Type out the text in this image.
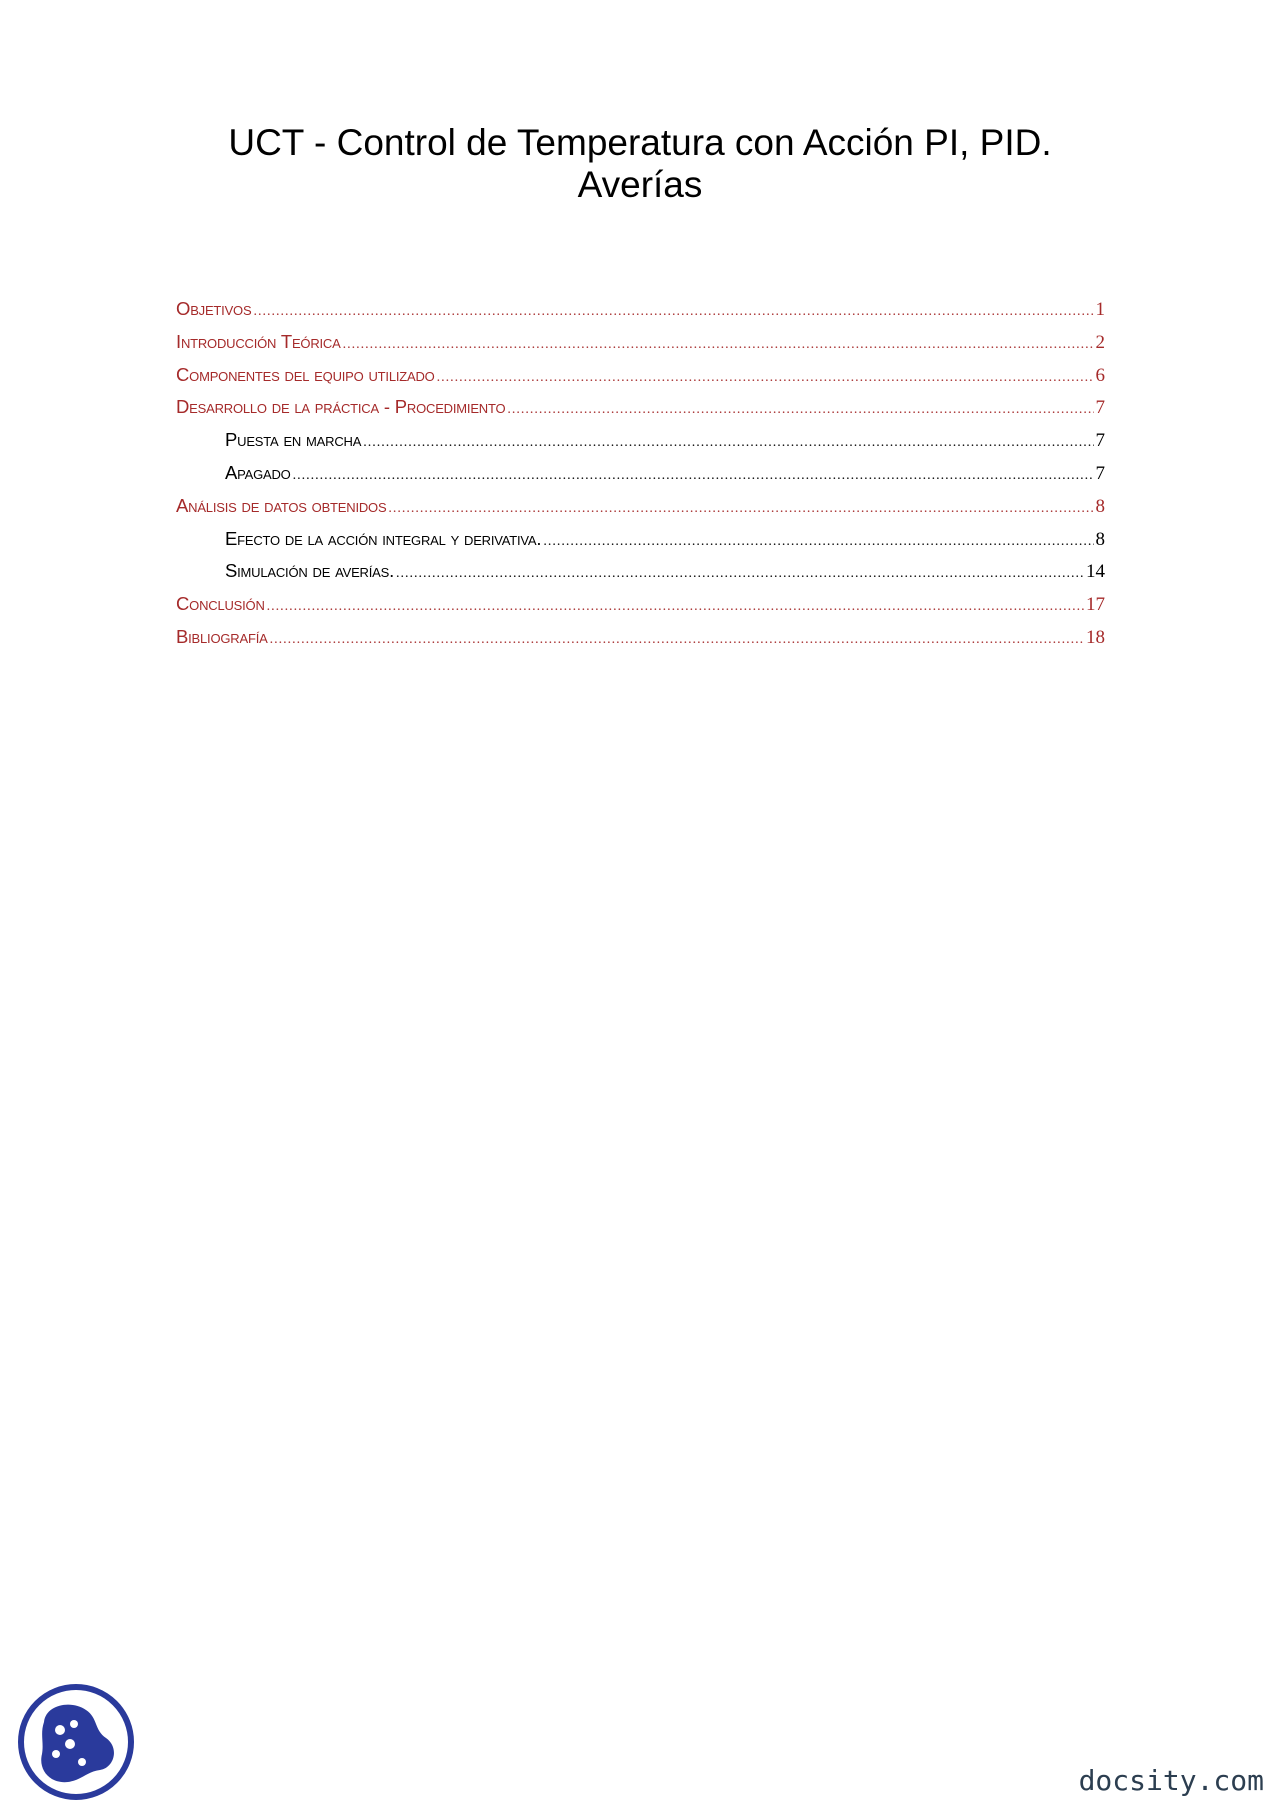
UCT - Control de Temperatura con Acción PI, PID.
Averías
Objetivos .....	1
Introducción Teórica .....	2
Componentes del equipo utilizado .....	6
Desarrollo de la práctica - Procedimiento .....	7
Puesta en marcha .....	7
Apagado .....	7
Análisis de datos obtenidos .....	8
Efecto de la acción integral y derivativa. .....	8
Simulación de averías. .....	14
Conclusión .....	17
Bibliografía .....	18
docsity.com
